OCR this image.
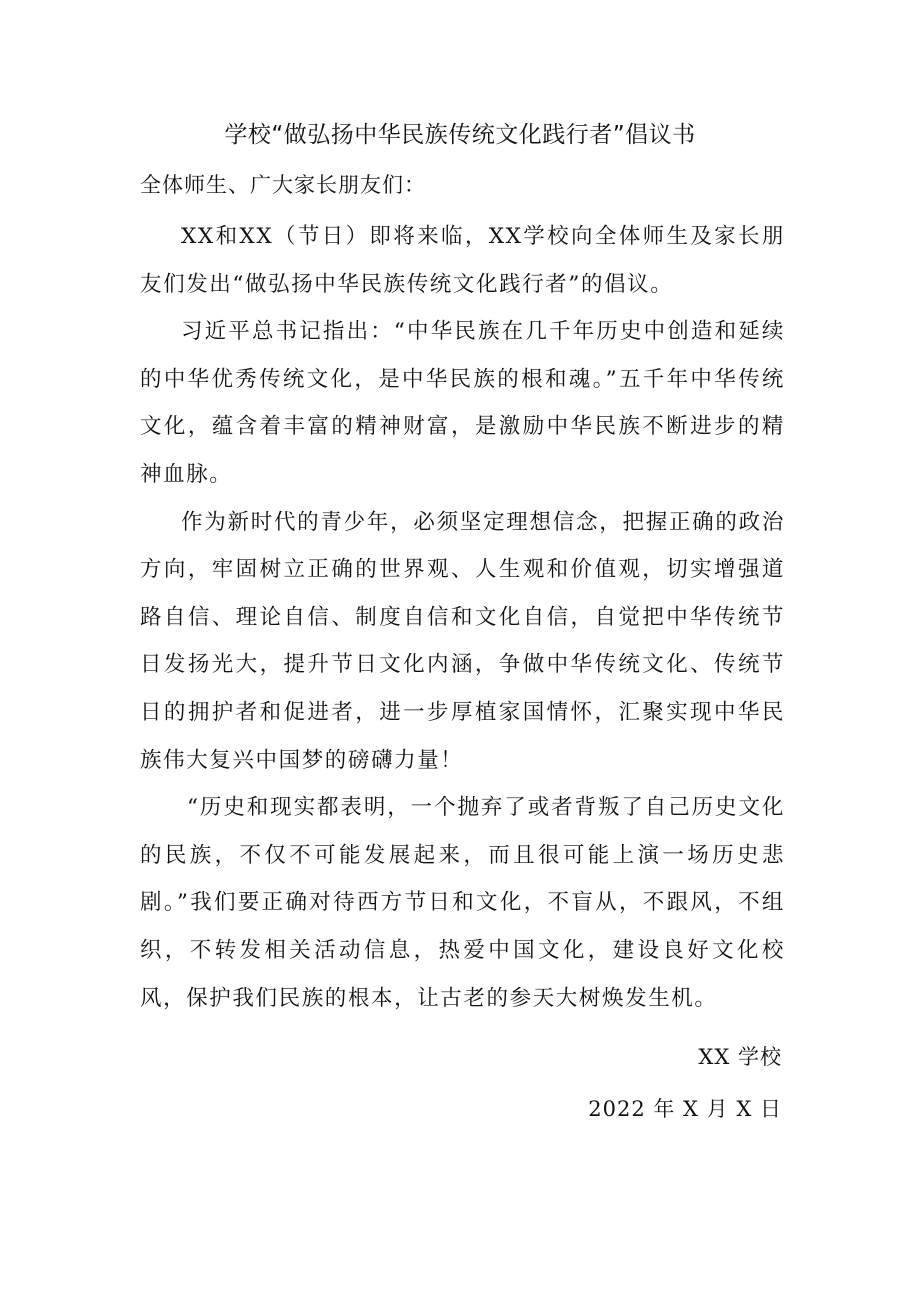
学校“做弘扬中华民族传统文化践行者”倡议书
全体师生、广大家长朋友们：

XX和XX（节日）即将来临，XX学校向全体师生及家长朋友们发出“做弘扬中华民族传统文化践行者”的倡议。

习近平总书记指出：“中华民族在几千年历史中创造和延续的中华优秀传统文化，是中华民族的根和魂。”五千年中华传统文化，蕴含着丰富的精神财富，是激励中华民族不断进步的精神血脉。

作为新时代的青少年，必须坚定理想信念，把握正确的政治方向，牢固树立正确的世界观、人生观和价值观，切实增强道路自信、理论自信、制度自信和文化自信，自觉把中华传统节日发扬光大，提升节日文化内涵，争做中华传统文化、传统节日的拥护者和促进者，进一步厚植家国情怀，汇聚实现中华民族伟大复兴中国梦的磅礴力量！

“历史和现实都表明，一个抛弃了或者背叛了自己历史文化的民族，不仅不可能发展起来，而且很可能上演一场历史悲剧。”我们要正确对待西方节日和文化，不盲从，不跟风，不组织，不转发相关活动信息，热爱中国文化，建设良好文化校风，保护我们民族的根本，让古老的参天大树焕发生机。

XX 学校
2022 年 X 月 X 日
